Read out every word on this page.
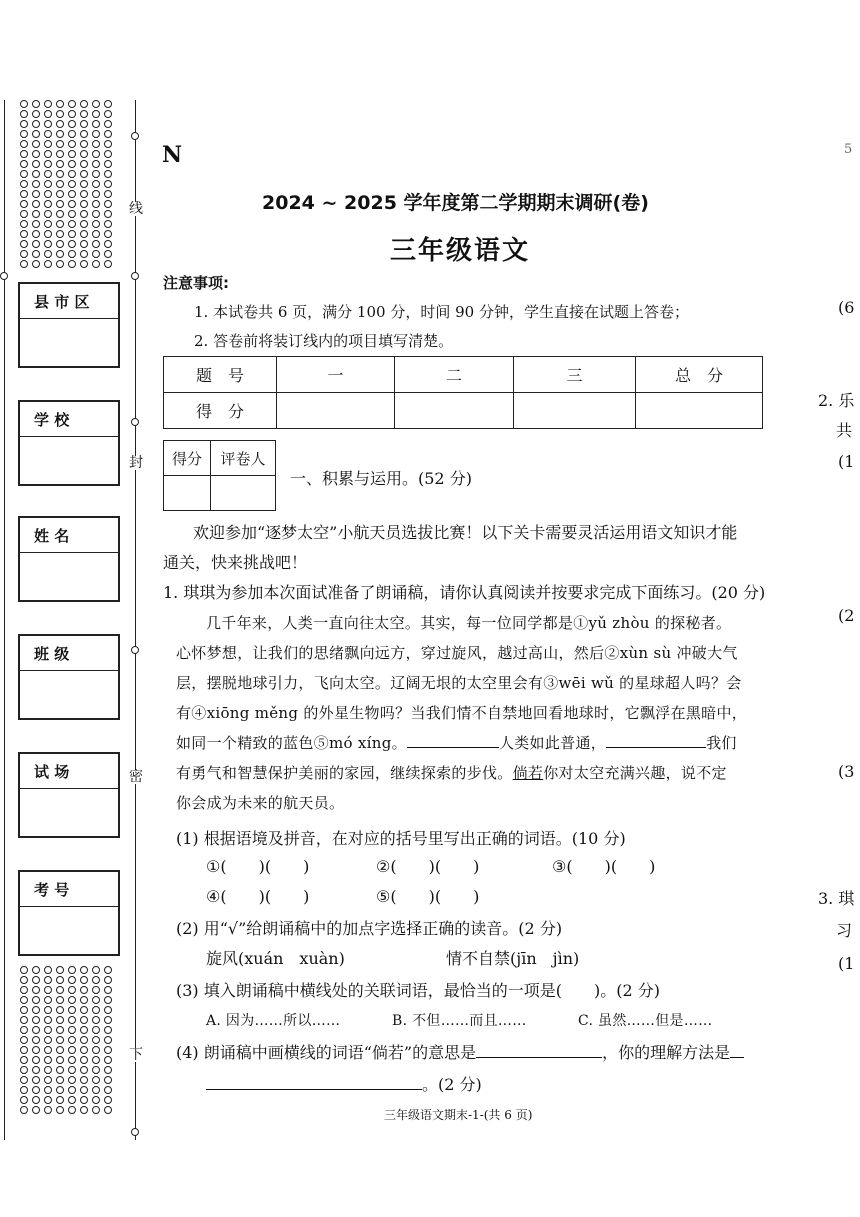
线
封
密
下
县 市 区
学 校
姓 名
班 级
试 场
考 号
5
(6
2. 乐
共
(1
(2
(3
3. 琪
习
(1
N
2024 ~ 2025 学年度第二学期期末调研(卷)
三年级语文
注意事项:
1. 本试卷共 6 页，满分 100 分，时间 90 分钟，学生直接在试题上答卷；
2. 答卷前将装订线内的项目填写清楚。
题　号	一	二	三	总　分
得　分				
得分	评卷人

一、积累与运用。(52 分)
欢迎参加“逐梦太空”小航天员选拔比赛！以下关卡需要灵活运用语文知识才能
通关，快来挑战吧！
1. 琪琪为参加本次面试准备了朗诵稿，请你认真阅读并按要求完成下面练习。(20 分)
几千年来，人类一直向往太空。其实，每一位同学都是①yǔ zhòu 的探秘者。
心怀梦想，让我们的思绪飘向远方，穿过旋风，越过高山，然后②xùn sù 冲破大气
层，摆脱地球引力，飞向太空。辽阔无垠的太空里会有③wēi wǔ 的星球超人吗？会
有④xiōng měng 的外星生物吗？当我们情不自禁地回看地球时，它飘浮在黑暗中，
如同一个精致的蓝色⑤mó xíng。	人类如此普通，	我们
有勇气和智慧保护美丽的家园，继续探索的步伐。倘若你对太空充满兴趣，说不定
你会成为未来的航天员。
(1) 根据语境及拼音，在对应的括号里写出正确的词语。(10 分)
①(　　)(　　)	②(　　)(　　)	③(　　)(　　)
④(　　)(　　)	⑤(　　)(　　)
(2) 用“√”给朗诵稿中的加点字选择正确的读音。(2 分)
旋风(xuán　xuàn)	情不自禁(jīn　jìn)
(3) 填入朗诵稿中横线处的关联词语，最恰当的一项是(　　)。(2 分)
A. 因为……所以……	B. 不但……而且……	C. 虽然……但是……
(4) 朗诵稿中画横线的词语“倘若”的意思是	，你的理解方法是
。(2 分)
三年级语文期末-1-(共 6 页)
